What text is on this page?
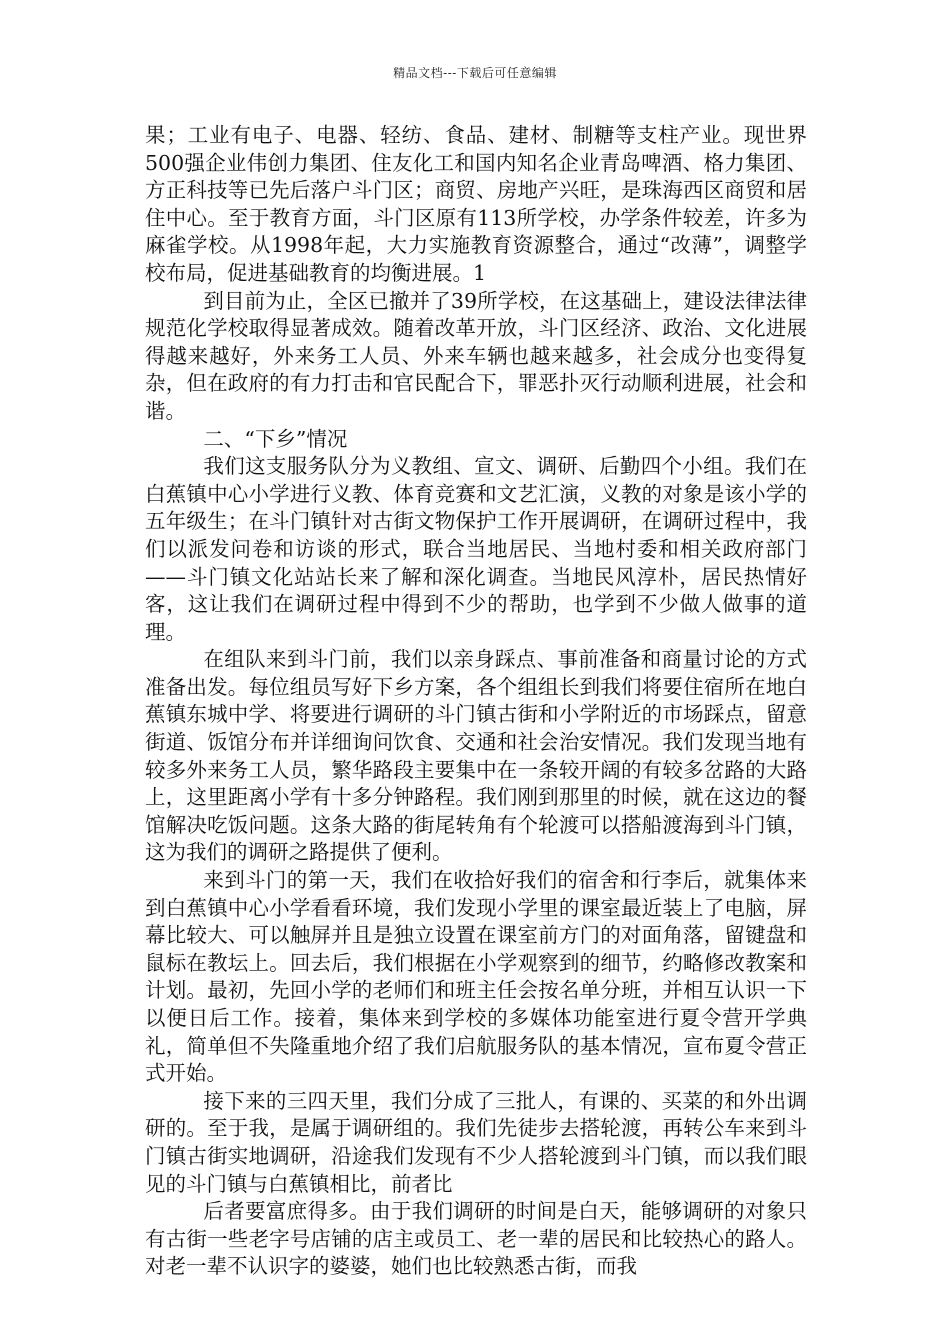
精品文档---下载后可任意编辑

果；工业有电子、电器、轻纺、食品、建材、制糖等支柱产业。现世界500强企业伟创力集团、住友化工和国内知名企业青岛啤酒、格力集团、方正科技等已先后落户斗门区；商贸、房地产兴旺，是珠海西区商贸和居住中心。至于教育方面，斗门区原有113所学校，办学条件较差，许多为麻雀学校。从1998年起，大力实施教育资源整合，通过“改薄”，调整学校布局，促进基础教育的均衡进展。1

到目前为止，全区已撤并了39所学校，在这基础上，建设法律法律规范化学校取得显著成效。随着改革开放，斗门区经济、政治、文化进展得越来越好，外来务工人员、外来车辆也越来越多，社会成分也变得复杂，但在政府的有力打击和官民配合下，罪恶扑灭行动顺利进展，社会和谐。

二、“下乡”情况

我们这支服务队分为义教组、宣文、调研、后勤四个小组。我们在白蕉镇中心小学进行义教、体育竞赛和文艺汇演，义教的对象是该小学的五年级生；在斗门镇针对古街文物保护工作开展调研，在调研过程中，我们以派发问卷和访谈的形式，联合当地居民、当地村委和相关政府部门——斗门镇文化站站长来了解和深化调查。当地民风淳朴，居民热情好客，这让我们在调研过程中得到不少的帮助，也学到不少做人做事的道理。

在组队来到斗门前，我们以亲身踩点、事前准备和商量讨论的方式准备出发。每位组员写好下乡方案，各个组组长到我们将要住宿所在地白蕉镇东城中学、将要进行调研的斗门镇古街和小学附近的市场踩点，留意街道、饭馆分布并详细询问饮食、交通和社会治安情况。我们发现当地有较多外来务工人员，繁华路段主要集中在一条较开阔的有较多岔路的大路上，这里距离小学有十多分钟路程。我们刚到那里的时候，就在这边的餐馆解决吃饭问题。这条大路的街尾转角有个轮渡可以搭船渡海到斗门镇，这为我们的调研之路提供了便利。

来到斗门的第一天，我们在收拾好我们的宿舍和行李后，就集体来到白蕉镇中心小学看看环境，我们发现小学里的课室最近装上了电脑，屏幕比较大、可以触屏并且是独立设置在课室前方门的对面角落，留键盘和鼠标在教坛上。回去后，我们根据在小学观察到的细节，约略修改教案和计划。最初，先回小学的老师们和班主任会按名单分班，并相互认识一下以便日后工作。接着，集体来到学校的多媒体功能室进行夏令营开学典礼，简单但不失隆重地介绍了我们启航服务队的基本情况，宣布夏令营正式开始。

接下来的三四天里，我们分成了三批人，有课的、买菜的和外出调研的。至于我，是属于调研组的。我们先徒步去搭轮渡，再转公车来到斗门镇古街实地调研，沿途我们发现有不少人搭轮渡到斗门镇，而以我们眼见的斗门镇与白蕉镇相比，前者比

后者要富庶得多。由于我们调研的时间是白天，能够调研的对象只有古街一些老字号店铺的店主或员工、老一辈的居民和比较热心的路人。对老一辈不认识字的婆婆，她们也比较熟悉古街，而我
